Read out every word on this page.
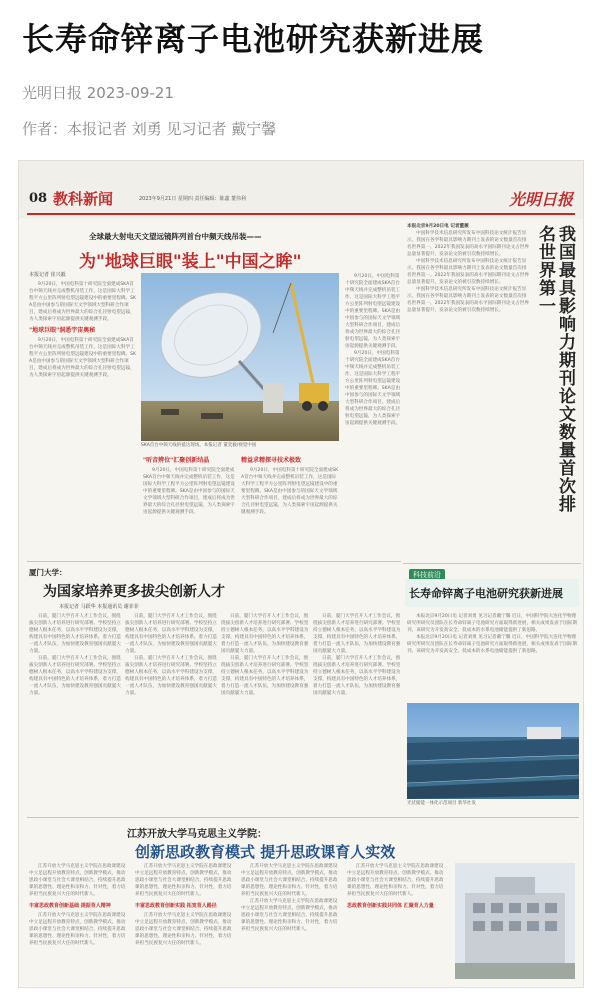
长寿命锌离子电池研究获新进展
光明日报 2023-09-21
作者：本报记者 刘勇 见习记者 戴宁馨
08 教科新闻	2023年9月21日 星期四 责任编辑：陈鑫 董伟利	光明日报
全球最大射电天文望远镜阵列首台中频天线吊装——
为"地球巨眼"装上"中国之眸"
本报记者 崔兴毅

9月20日，中国电科第十研究院全面建成SKA首台中频天线并完成整机吊装工作，这是国际大科学工程平方公里阵列射电望远镜建设中的重要里程碑。SKA是由中国参与的国际天文学领域大型科研合作项目，建成后将成为世界最大的综合孔径射电望远镜，为人类探索宇宙起源提供关键观测手段。

"地球巨眼"洞悉宇宙奥秘

9月20日，中国电科第十研究院全面建成SKA首台中频天线并完成整机吊装工作，这是国际大科学工程平方公里阵列射电望远镜建设中的重要里程碑。SKA是由中国参与的国际天文学领域大型科研合作项目，建成后将成为世界最大的综合孔径射电望远镜，为人类探索宇宙起源提供关键观测手段。

SKA首台中频天线的抵达现场。本报记者 董奕毅/视觉中国
"听音辨位"汇聚创新结晶

9月20日，中国电科第十研究院全面建成SKA首台中频天线并完成整机吊装工作，这是国际大科学工程平方公里阵列射电望远镜建设中的重要里程碑。SKA是由中国参与的国际天文学领域大型科研合作项目，建成后将成为世界最大的综合孔径射电望远镜，为人类探索宇宙起源提供关键观测手段。

精益求精探寻技术极致

9月20日，中国电科第十研究院全面建成SKA首台中频天线并完成整机吊装工作，这是国际大科学工程平方公里阵列射电望远镜建设中的重要里程碑。SKA是由中国参与的国际天文学领域大型科研合作项目，建成后将成为世界最大的综合孔径射电望远镜，为人类探索宇宙起源提供关键观测手段。

9月20日，中国电科第十研究院全面建成SKA首台中频天线并完成整机吊装工作，这是国际大科学工程平方公里阵列射电望远镜建设中的重要里程碑。SKA是由中国参与的国际天文学领域大型科研合作项目，建成后将成为世界最大的综合孔径射电望远镜，为人类探索宇宙起源提供关键观测手段。

9月20日，中国电科第十研究院全面建成SKA首台中频天线并完成整机吊装工作，这是国际大科学工程平方公里阵列射电望远镜建设中的重要里程碑。SKA是由中国参与的国际天文学领域大型科研合作项目，建成后将成为世界最大的综合孔径射电望远镜，为人类探索宇宙起源提供关键观测手段。

本报北京9月20日电 记者董薇

中国科学技术信息研究所发布中国科技论文统计报告显示，我国在各学科最具影响力期刊上发表的论文数量首次排名世界第一。2022年我国发表的高水平国际期刊论文占世界总量显著提升，发表论文的被引次数持续增长。

中国科学技术信息研究所发布中国科技论文统计报告显示，我国在各学科最具影响力期刊上发表的论文数量首次排名世界第一。2022年我国发表的高水平国际期刊论文占世界总量显著提升，发表论文的被引次数持续增长。

中国科学技术信息研究所发布中国科技论文统计报告显示，我国在各学科最具影响力期刊上发表的论文数量首次排名世界第一。2022年我国发表的高水平国际期刊论文占世界总量显著提升，发表论文的被引次数持续增长。	我国最具影响力期刊论文数量首次排名世界第一
科技前沿
长寿命锌离子电池研究获新进展

本报北京9月20日电 记者刘勇 见习记者戴宁馨 近日，中国科学院大连化学物理研究所研究员团队在长寿命锌离子电池研究方面取得新进展，相关成果发表于国际期刊。该研究为开发高安全、低成本的水系电池储能提供了新思路。

本报北京9月20日电 记者刘勇 见习记者戴宁馨 近日，中国科学院大连化学物理研究所研究员团队在长寿命锌离子电池研究方面取得新进展，相关成果发表于国际期刊。该研究为开发高安全、低成本的水系电池储能提供了新思路。

光伏储能一体化示范项目 新华社发
厦门大学：
为国家培养更多拔尖创新人才
本报记者 马跃华 本报通讯员 谢菲菲

日前，厦门大学召开人才工作会议，围绕拔尖创新人才培养进行研究部署。学校坚持立德树人根本任务，以高水平学科建设为支撑，构建具有中国特色的人才培养体系，着力打造一流人才队伍，为加快建设教育强国贡献厦大力量。

日前，厦门大学召开人才工作会议，围绕拔尖创新人才培养进行研究部署。学校坚持立德树人根本任务，以高水平学科建设为支撑，构建具有中国特色的人才培养体系，着力打造一流人才队伍，为加快建设教育强国贡献厦大力量。

日前，厦门大学召开人才工作会议，围绕拔尖创新人才培养进行研究部署。学校坚持立德树人根本任务，以高水平学科建设为支撑，构建具有中国特色的人才培养体系，着力打造一流人才队伍，为加快建设教育强国贡献厦大力量。

日前，厦门大学召开人才工作会议，围绕拔尖创新人才培养进行研究部署。学校坚持立德树人根本任务，以高水平学科建设为支撑，构建具有中国特色的人才培养体系，着力打造一流人才队伍，为加快建设教育强国贡献厦大力量。

日前，厦门大学召开人才工作会议，围绕拔尖创新人才培养进行研究部署。学校坚持立德树人根本任务，以高水平学科建设为支撑，构建具有中国特色的人才培养体系，着力打造一流人才队伍，为加快建设教育强国贡献厦大力量。

日前，厦门大学召开人才工作会议，围绕拔尖创新人才培养进行研究部署。学校坚持立德树人根本任务，以高水平学科建设为支撑，构建具有中国特色的人才培养体系，着力打造一流人才队伍，为加快建设教育强国贡献厦大力量。

日前，厦门大学召开人才工作会议，围绕拔尖创新人才培养进行研究部署。学校坚持立德树人根本任务，以高水平学科建设为支撑，构建具有中国特色的人才培养体系，着力打造一流人才队伍，为加快建设教育强国贡献厦大力量。

日前，厦门大学召开人才工作会议，围绕拔尖创新人才培养进行研究部署。学校坚持立德树人根本任务，以高水平学科建设为支撑，构建具有中国特色的人才培养体系，着力打造一流人才队伍，为加快建设教育强国贡献厦大力量。

江苏开放大学马克思主义学院：
创新思政教育模式 提升思政课育人实效

江苏开放大学马克思主义学院在思政课建设中立足远程开放教育特点，创新教学模式，推动思政小课堂与社会大课堂相结合，持续提升思政课的思想性、理论性和亲和力、针对性，着力培养担当民族复兴大任的时代新人。

丰富思政教育创新基础 提振育人精神

江苏开放大学马克思主义学院在思政课建设中立足远程开放教育特点，创新教学模式，推动思政小课堂与社会大课堂相结合，持续提升思政课的思想性、理论性和亲和力、针对性，着力培养担当民族复兴大任的时代新人。

江苏开放大学马克思主义学院在思政课建设中立足远程开放教育特点，创新教学模式，推动思政小课堂与社会大课堂相结合，持续提升思政课的思想性、理论性和亲和力、针对性，着力培养担当民族复兴大任的时代新人。

丰富思政教育创新实践 拓宽育人路径

江苏开放大学马克思主义学院在思政课建设中立足远程开放教育特点，创新教学模式，推动思政小课堂与社会大课堂相结合，持续提升思政课的思想性、理论性和亲和力、针对性，着力培养担当民族复兴大任的时代新人。

江苏开放大学马克思主义学院在思政课建设中立足远程开放教育特点，创新教学模式，推动思政小课堂与社会大课堂相结合，持续提升思政课的思想性、理论性和亲和力、针对性，着力培养担当民族复兴大任的时代新人。

江苏开放大学马克思主义学院在思政课建设中立足远程开放教育特点，创新教学模式，推动思政小课堂与社会大课堂相结合，持续提升思政课的思想性、理论性和亲和力、针对性，着力培养担当民族复兴大任的时代新人。

江苏开放大学马克思主义学院在思政课建设中立足远程开放教育特点，创新教学模式，推动思政小课堂与社会大课堂相结合，持续提升思政课的思想性、理论性和亲和力、针对性，着力培养担当民族复兴大任的时代新人。

思政教育创新实践共同体 汇聚育人力量
